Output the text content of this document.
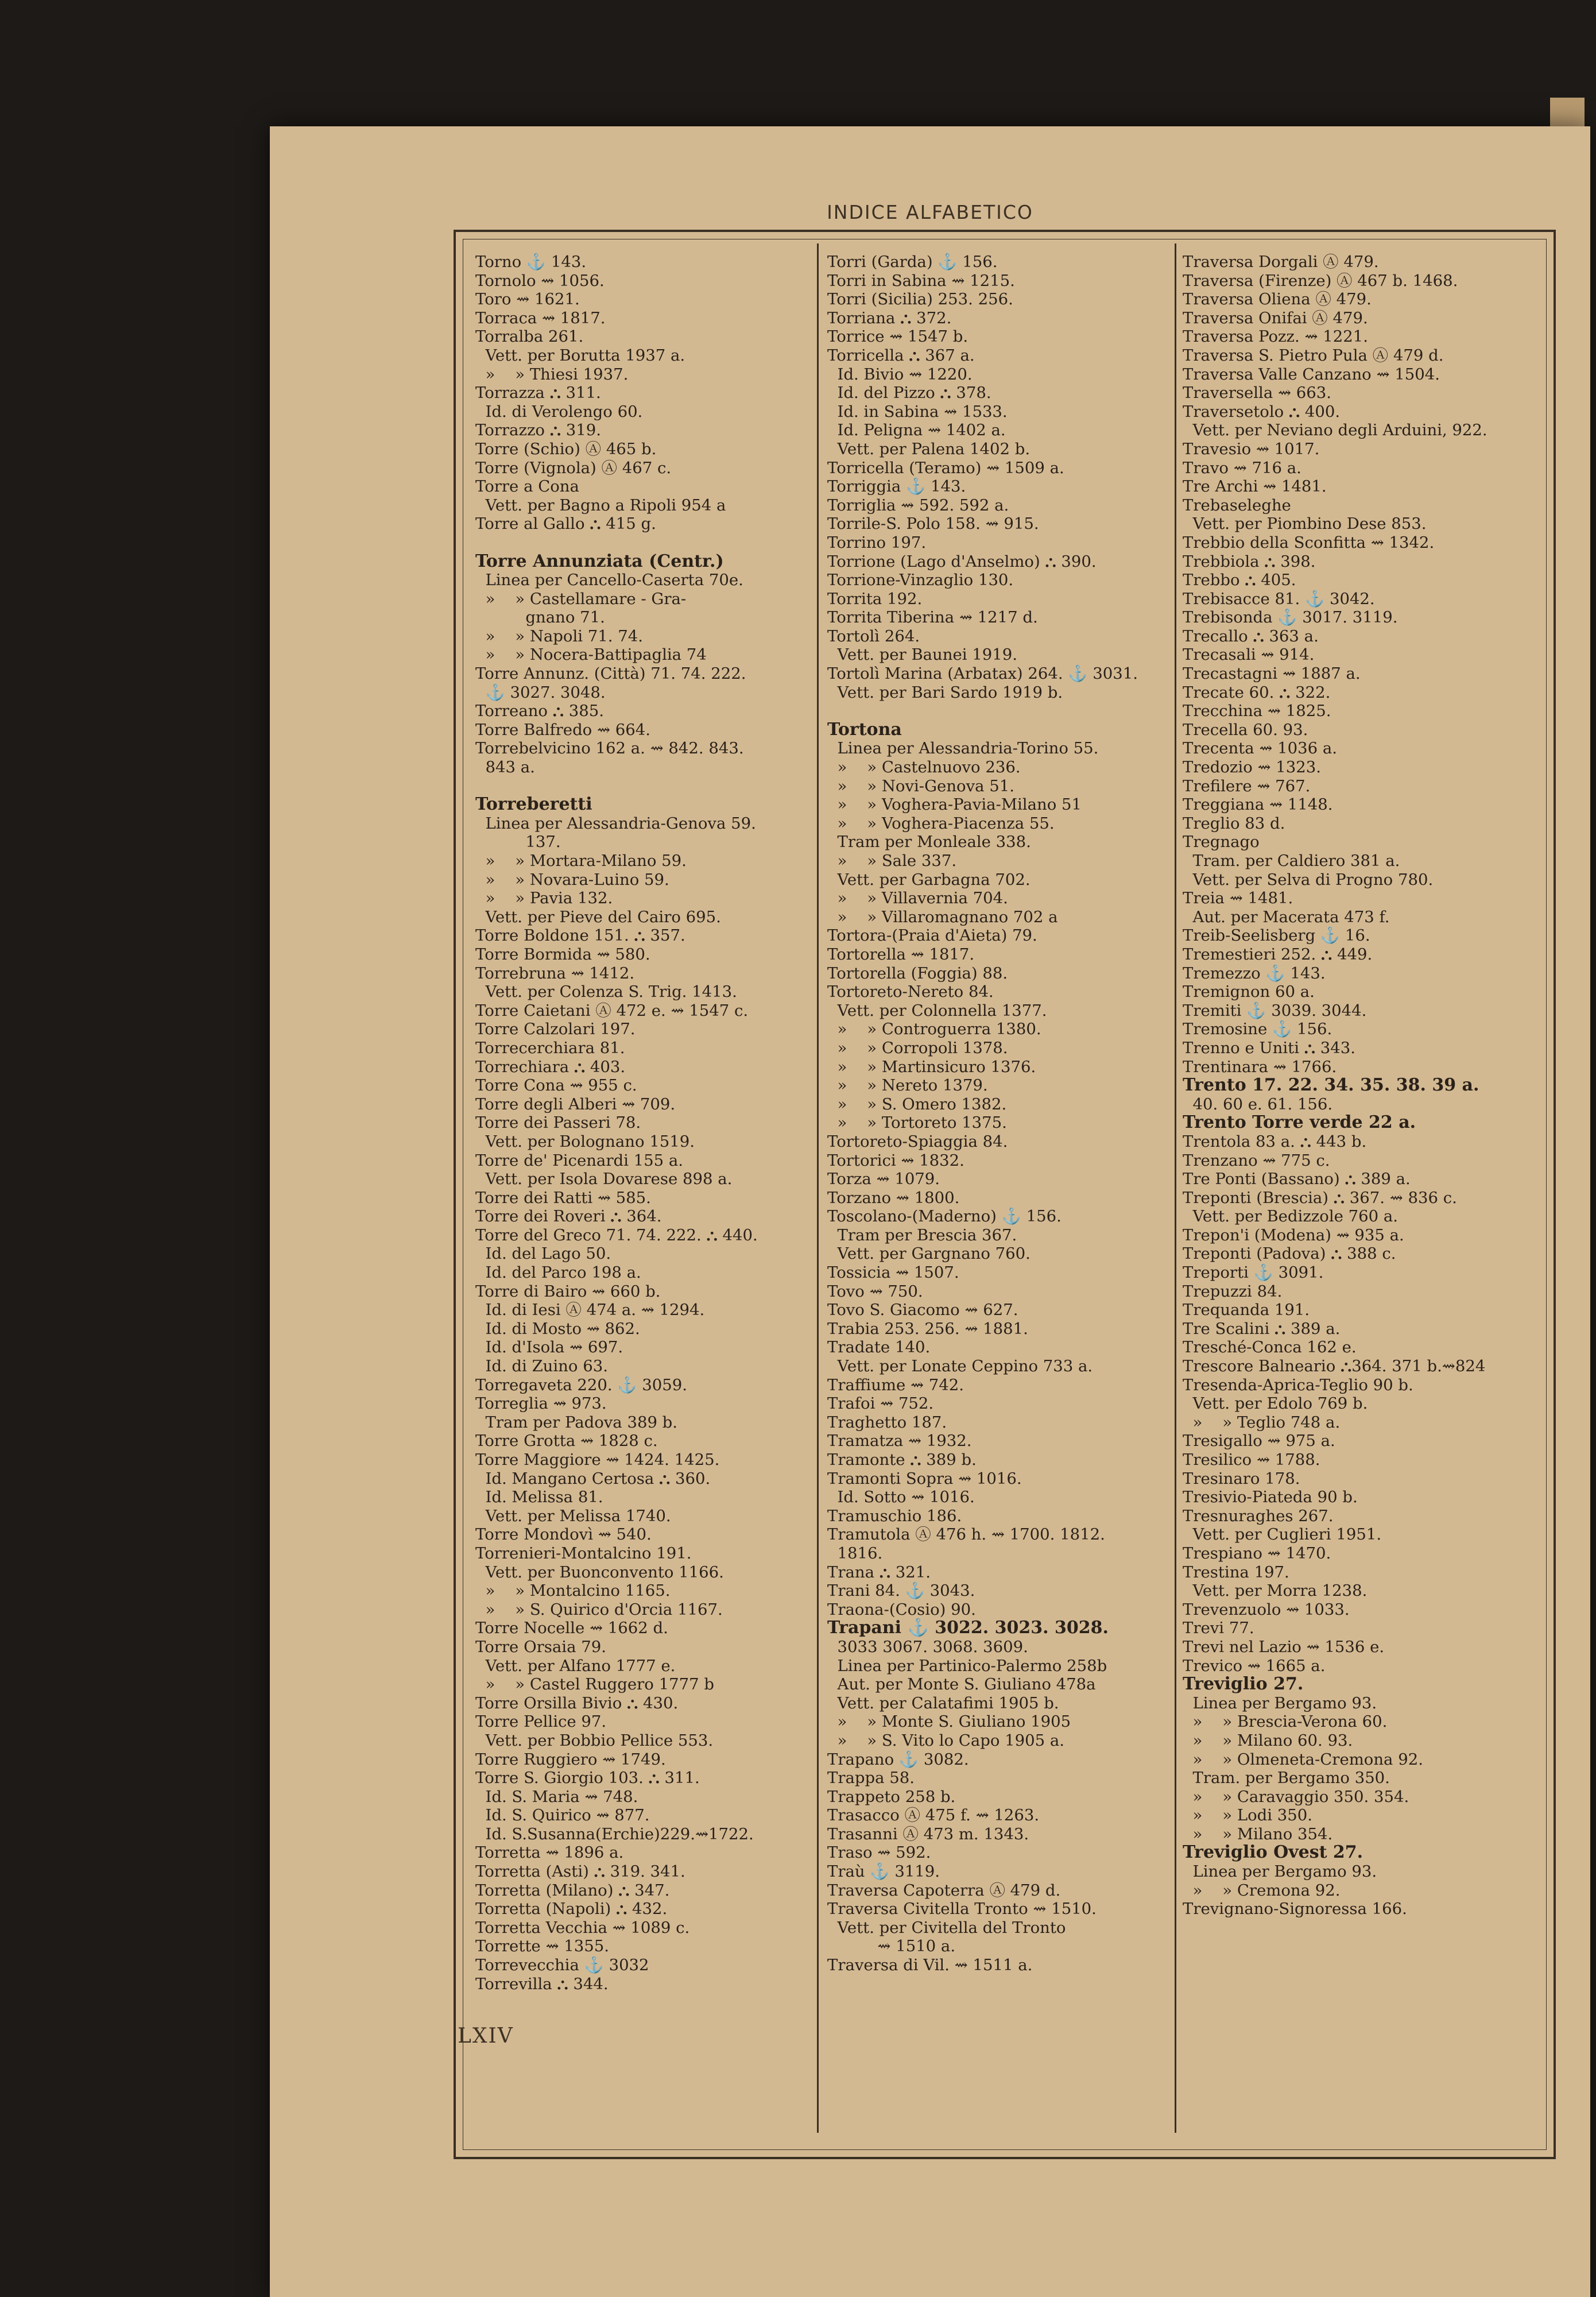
INDICE ALFABETICO
Torno ⚓ 143.
Tornolo ⇝ 1056.
Toro ⇝ 1621.
Torraca ⇝ 1817.
Torralba 261.
Vett. per Borutta 1937 a.
»    » Thiesi 1937.
Torrazza ⛬ 311.
Id. di Verolengo 60.
Torrazzo ⛬ 319.
Torre (Schio) Ⓐ 465 b.
Torre (Vignola) Ⓐ 467 c.
Torre a Cona
Vett. per Bagno a Ripoli 954 a
Torre al Gallo ⛬ 415 g.
Torre Annunziata (Centr.)
Linea per Cancello-Caserta 70e.
»    » Castellamare - Gra-
gnano 71.
»    » Napoli 71. 74.
»    » Nocera-Battipaglia 74
Torre Annunz. (Città) 71. 74. 222.
⚓ 3027. 3048.
Torreano ⛬ 385.
Torre Balfredo ⇝ 664.
Torrebelvicino 162 a. ⇝ 842. 843.
843 a.
Torreberetti
Linea per Alessandria-Genova 59.
137.
»    » Mortara-Milano 59.
»    » Novara-Luino 59.
»    » Pavia 132.
Vett. per Pieve del Cairo 695.
Torre Boldone 151. ⛬ 357.
Torre Bormida ⇝ 580.
Torrebruna ⇝ 1412.
Vett. per Colenza S. Trig. 1413.
Torre Caietani Ⓐ 472 e. ⇝ 1547 c.
Torre Calzolari 197.
Torrecerchiara 81.
Torrechiara ⛬ 403.
Torre Cona ⇝ 955 c.
Torre degli Alberi ⇝ 709.
Torre dei Passeri 78.
Vett. per Bolognano 1519.
Torre de' Picenardi 155 a.
Vett. per Isola Dovarese 898 a.
Torre dei Ratti ⇝ 585.
Torre dei Roveri ⛬ 364.
Torre del Greco 71. 74. 222. ⛬ 440.
Id. del Lago 50.
Id. del Parco 198 a.
Torre di Bairo ⇝ 660 b.
Id. di Iesi Ⓐ 474 a. ⇝ 1294.
Id. di Mosto ⇝ 862.
Id. d'Isola ⇝ 697.
Id. di Zuino 63.
Torregaveta 220. ⚓ 3059.
Torreglia ⇝ 973.
Tram per Padova 389 b.
Torre Grotta ⇝ 1828 c.
Torre Maggiore ⇝ 1424. 1425.
Id. Mangano Certosa ⛬ 360.
Id. Melissa 81.
Vett. per Melissa 1740.
Torre Mondovì ⇝ 540.
Torrenieri-Montalcino 191.
Vett. per Buonconvento 1166.
»    » Montalcino 1165.
»    » S. Quirico d'Orcia 1167.
Torre Nocelle ⇝ 1662 d.
Torre Orsaia 79.
Vett. per Alfano 1777 e.
»    » Castel Ruggero 1777 b
Torre Orsilla Bivio ⛬ 430.
Torre Pellice 97.
Vett. per Bobbio Pellice 553.
Torre Ruggiero ⇝ 1749.
Torre S. Giorgio 103. ⛬ 311.
Id. S. Maria ⇝ 748.
Id. S. Quirico ⇝ 877.
Id. S.Susanna(Erchie)229.⇝1722.
Torretta ⇝ 1896 a.
Torretta (Asti) ⛬ 319. 341.
Torretta (Milano) ⛬ 347.
Torretta (Napoli) ⛬ 432.
Torretta Vecchia ⇝ 1089 c.
Torrette ⇝ 1355.
Torrevecchia ⚓ 3032
Torrevilla ⛬ 344.
Torri (Garda) ⚓ 156.
Torri in Sabina ⇝ 1215.
Torri (Sicilia) 253. 256.
Torriana ⛬ 372.
Torrice ⇝ 1547 b.
Torricella ⛬ 367 a.
Id. Bivio ⇝ 1220.
Id. del Pizzo ⛬ 378.
Id. in Sabina ⇝ 1533.
Id. Peligna ⇝ 1402 a.
Vett. per Palena 1402 b.
Torricella (Teramo) ⇝ 1509 a.
Torriggia ⚓ 143.
Torriglia ⇝ 592. 592 a.
Torrile-S. Polo 158. ⇝ 915.
Torrino 197.
Torrione (Lago d'Anselmo) ⛬ 390.
Torrione-Vinzaglio 130.
Torrita 192.
Torrita Tiberina ⇝ 1217 d.
Tortolì 264.
Vett. per Baunei 1919.
Tortolì Marina (Arbatax) 264. ⚓ 3031.
Vett. per Bari Sardo 1919 b.
Tortona
Linea per Alessandria-Torino 55.
»    » Castelnuovo 236.
»    » Novi-Genova 51.
»    » Voghera-Pavia-Milano 51
»    » Voghera-Piacenza 55.
Tram per Monleale 338.
»    » Sale 337.
Vett. per Garbagna 702.
»    » Villavernia 704.
»    » Villaromagnano 702 a
Tortora-(Praia d'Aieta) 79.
Tortorella ⇝ 1817.
Tortorella (Foggia) 88.
Tortoreto-Nereto 84.
Vett. per Colonnella 1377.
»    » Controguerra 1380.
»    » Corropoli 1378.
»    » Martinsicuro 1376.
»    » Nereto 1379.
»    » S. Omero 1382.
»    » Tortoreto 1375.
Tortoreto-Spiaggia 84.
Tortorici ⇝ 1832.
Torza ⇝ 1079.
Torzano ⇝ 1800.
Toscolano-(Maderno) ⚓ 156.
Tram per Brescia 367.
Vett. per Gargnano 760.
Tossicia ⇝ 1507.
Tovo ⇝ 750.
Tovo S. Giacomo ⇝ 627.
Trabia 253. 256. ⇝ 1881.
Tradate 140.
Vett. per Lonate Ceppino 733 a.
Traffiume ⇝ 742.
Trafoi ⇝ 752.
Traghetto 187.
Tramatza ⇝ 1932.
Tramonte ⛬ 389 b.
Tramonti Sopra ⇝ 1016.
Id. Sotto ⇝ 1016.
Tramuschio 186.
Tramutola Ⓐ 476 h. ⇝ 1700. 1812.
1816.
Trana ⛬ 321.
Trani 84. ⚓ 3043.
Traona-(Cosio) 90.
Trapani ⚓ 3022. 3023. 3028.
3033 3067. 3068. 3609.
Linea per Partinico-Palermo 258b
Aut. per Monte S. Giuliano 478a
Vett. per Calatafimi 1905 b.
»    » Monte S. Giuliano 1905
»    » S. Vito lo Capo 1905 a.
Trapano ⚓ 3082.
Trappa 58.
Trappeto 258 b.
Trasacco Ⓐ 475 f. ⇝ 1263.
Trasanni Ⓐ 473 m. 1343.
Traso ⇝ 592.
Traù ⚓ 3119.
Traversa Capoterra Ⓐ 479 d.
Traversa Civitella Tronto ⇝ 1510.
Vett. per Civitella del Tronto
⇝ 1510 a.
Traversa di Vil. ⇝ 1511 a.
Traversa Dorgali Ⓐ 479.
Traversa (Firenze) Ⓐ 467 b. 1468.
Traversa Oliena Ⓐ 479.
Traversa Onifai Ⓐ 479.
Traversa Pozz. ⇝ 1221.
Traversa S. Pietro Pula Ⓐ 479 d.
Traversa Valle Canzano ⇝ 1504.
Traversella ⇝ 663.
Traversetolo ⛬ 400.
Vett. per Neviano degli Arduini, 922.
Travesio ⇝ 1017.
Travo ⇝ 716 a.
Tre Archi ⇝ 1481.
Trebaseleghe
Vett. per Piombino Dese 853.
Trebbio della Sconfitta ⇝ 1342.
Trebbiola ⛬ 398.
Trebbo ⛬ 405.
Trebisacce 81. ⚓ 3042.
Trebisonda ⚓ 3017. 3119.
Trecallo ⛬ 363 a.
Trecasali ⇝ 914.
Trecastagni ⇝ 1887 a.
Trecate 60. ⛬ 322.
Trecchina ⇝ 1825.
Trecella 60. 93.
Trecenta ⇝ 1036 a.
Tredozio ⇝ 1323.
Trefilere ⇝ 767.
Treggiana ⇝ 1148.
Treglio 83 d.
Tregnago
Tram. per Caldiero 381 a.
Vett. per Selva di Progno 780.
Treia ⇝ 1481.
Aut. per Macerata 473 f.
Treib-Seelisberg ⚓ 16.
Tremestieri 252. ⛬ 449.
Tremezzo ⚓ 143.
Tremignon 60 a.
Tremiti ⚓ 3039. 3044.
Tremosine ⚓ 156.
Trenno e Uniti ⛬ 343.
Trentinara ⇝ 1766.
Trento 17. 22. 34. 35. 38. 39 a.
40. 60 e. 61. 156.
Trento Torre verde 22 a.
Trentola 83 a. ⛬ 443 b.
Trenzano ⇝ 775 c.
Tre Ponti (Bassano) ⛬ 389 a.
Treponti (Brescia) ⛬ 367. ⇝ 836 c.
Vett. per Bedizzole 760 a.
Trepon'i (Modena) ⇝ 935 a.
Treponti (Padova) ⛬ 388 c.
Treporti ⚓ 3091.
Trepuzzi 84.
Trequanda 191.
Tre Scalini ⛬ 389 a.
Tresché-Conca 162 e.
Trescore Balneario ⛬364. 371 b.⇝824
Tresenda-Aprica-Teglio 90 b.
Vett. per Edolo 769 b.
»    » Teglio 748 a.
Tresigallo ⇝ 975 a.
Tresilico ⇝ 1788.
Tresinaro 178.
Tresivio-Piateda 90 b.
Tresnuraghes 267.
Vett. per Cuglieri 1951.
Trespiano ⇝ 1470.
Trestina 197.
Vett. per Morra 1238.
Trevenzuolo ⇝ 1033.
Trevi 77.
Trevi nel Lazio ⇝ 1536 e.
Trevico ⇝ 1665 a.
Treviglio 27.
Linea per Bergamo 93.
»    » Brescia-Verona 60.
»    » Milano 60. 93.
»    » Olmeneta-Cremona 92.
Tram. per Bergamo 350.
»    » Caravaggio 350. 354.
»    » Lodi 350.
»    » Milano 354.
Treviglio Ovest 27.
Linea per Bergamo 93.
»    » Cremona 92.
Trevignano-Signoressa 166.
LXIV
